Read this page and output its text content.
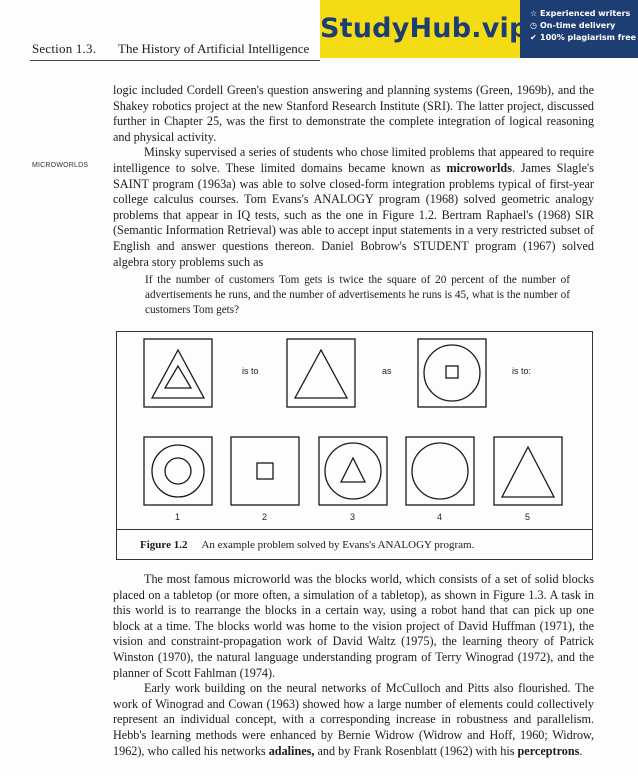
Section 1.3. The History of Artificial Intelligence
StudyHub.vip ☆ Experienced writers
◷ On-time delivery
✔ 100% plagiarism free
MICROWORLDS

logic included Cordell Green's question answering and planning systems (Green, 1969b), and the Shakey robotics project at the new Stanford Research Institute (SRI). The latter project, discussed further in Chapter 25, was the first to demonstrate the complete integration of logical reasoning and physical activity.

Minsky supervised a series of students who chose limited problems that appeared to require intelligence to solve. These limited domains became known as microworlds. James Slagle's SAINT program (1963a) was able to solve closed-form integration problems typical of first-year college calculus courses. Tom Evans's ANALOGY program (1968) solved geometric analogy problems that appear in IQ tests, such as the one in Figure 1.2. Bertram Raphael's (1968) SIR (Semantic Information Retrieval) was able to accept input statements in a very restricted subset of English and answer questions thereon. Daniel Bobrow's STUDENT program (1967) solved algebra story problems such as

If the number of customers Tom gets is twice the square of 20 percent of the number of advertisements he runs, and the number of advertisements he runs is 45, what is the number of customers Tom gets?
is to	as	is to:
1	2	3	4	5
Figure 1.2 An example problem solved by Evans's ANALOGY program.

The most famous microworld was the blocks world, which consists of a set of solid blocks placed on a tabletop (or more often, a simulation of a tabletop), as shown in Figure 1.3. A task in this world is to rearrange the blocks in a certain way, using a robot hand that can pick up one block at a time. The blocks world was home to the vision project of David Huffman (1971), the vision and constraint-propagation work of David Waltz (1975), the learning theory of Patrick Winston (1970), the natural language understanding program of Terry Winograd (1972), and the planner of Scott Fahlman (1974).

Early work building on the neural networks of McCulloch and Pitts also flourished. The work of Winograd and Cowan (1963) showed how a large number of elements could collectively represent an individual concept, with a corresponding increase in robustness and parallelism. Hebb's learning methods were enhanced by Bernie Widrow (Widrow and Hoff, 1960; Widrow, 1962), who called his networks adalines, and by Frank Rosenblatt (1962) with his perceptrons.
